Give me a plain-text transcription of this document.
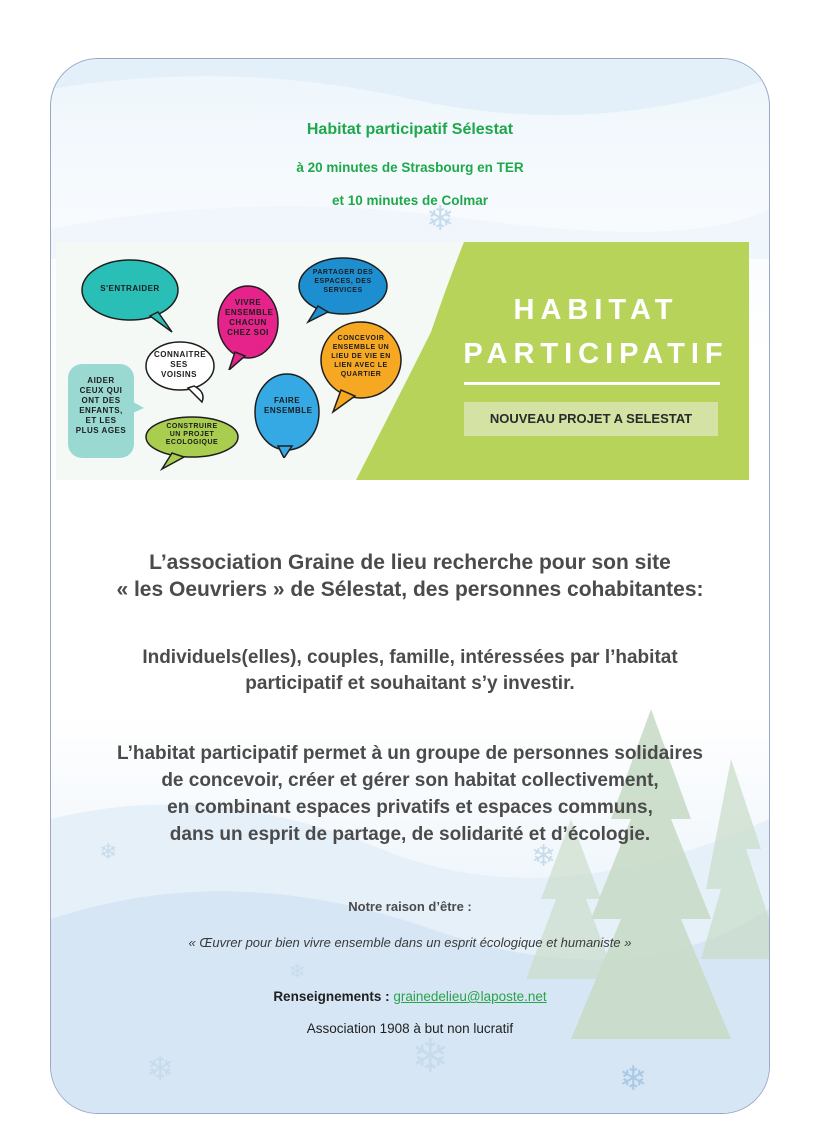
❄
❄
❄
❄	❄	❄
❄
Habitat participatif Sélestat
à 20 minutes de Strasbourg en TER
et 10 minutes de Colmar
S'ENTRAIDER
VIVRE ENSEMBLE CHACUN CHEZ SOI
PARTAGER DES ESPACES, DES SERVICES
CONNAITRE SES VOISINS
CONCEVOIR ENSEMBLE UN LIEU DE VIE EN LIEN AVEC LE QUARTIER
AIDER CEUX QUI ONT DES ENFANTS, ET LES PLUS AGES
FAIRE ENSEMBLE
CONSTRUIRE UN PROJET ECOLOGIQUE
HABITAT
PARTICIPATIF
NOUVEAU PROJET A SELESTAT
L’association Graine de lieu recherche pour son site
« les Oeuvriers » de Sélestat, des personnes cohabitantes:
Individuels(elles), couples, famille, intéressées par l’habitat
participatif et souhaitant s’y investir.
L’habitat participatif permet à un groupe de personnes solidaires
de concevoir, créer et gérer son habitat collectivement,
en combinant espaces privatifs et espaces communs,
dans un esprit de partage, de solidarité et d’écologie.
Notre raison d’être :
« Œuvrer pour bien vivre ensemble dans un esprit écologique et humaniste »
Renseignements : grainedelieu@laposte.net
Association 1908 à but non lucratif
